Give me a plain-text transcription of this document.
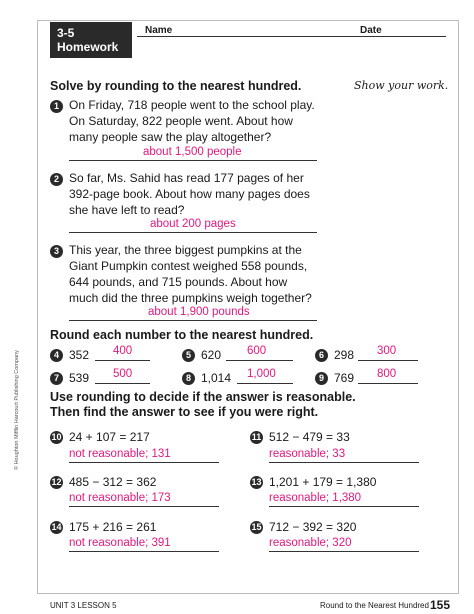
3-5
Homework
Name	Date
Solve by rounding to the nearest hundred.	Show your work.
1 On Friday, 718 people went to the school play.
On Saturday, 822 people went. About how
many people saw the play altogether?
about 1,500 people
2 So far, Ms. Sahid has read 177 pages of her
392-page book. About how many pages does
she have left to read?
about 200 pages
3 This year, the three biggest pumpkins at the
Giant Pumpkin contest weighed 558 pounds,
644 pounds, and 715 pounds. About how
much did the three pumpkins weigh together?
about 1,900 pounds
Round each number to the nearest hundred.
4 352 400	5 620 600	6 298 300
7 539 500	8 1,014 1,000	9 769 800
Use rounding to decide if the answer is reasonable.
Then find the answer to see if you were right.
10 24 + 107 = 217
not reasonable; 131
11 512 − 479 = 33
reasonable; 33
12 485 − 312 = 362
not reasonable; 173
13 1,201 + 179 = 1,380
reasonable; 1,380
14 175 + 216 = 261
not reasonable; 391
15 712 − 392 = 320
reasonable; 320
© Houghton Mifflin Harcourt Publishing Company
UNIT 3 LESSON 5	Round to the Nearest Hundred 155
